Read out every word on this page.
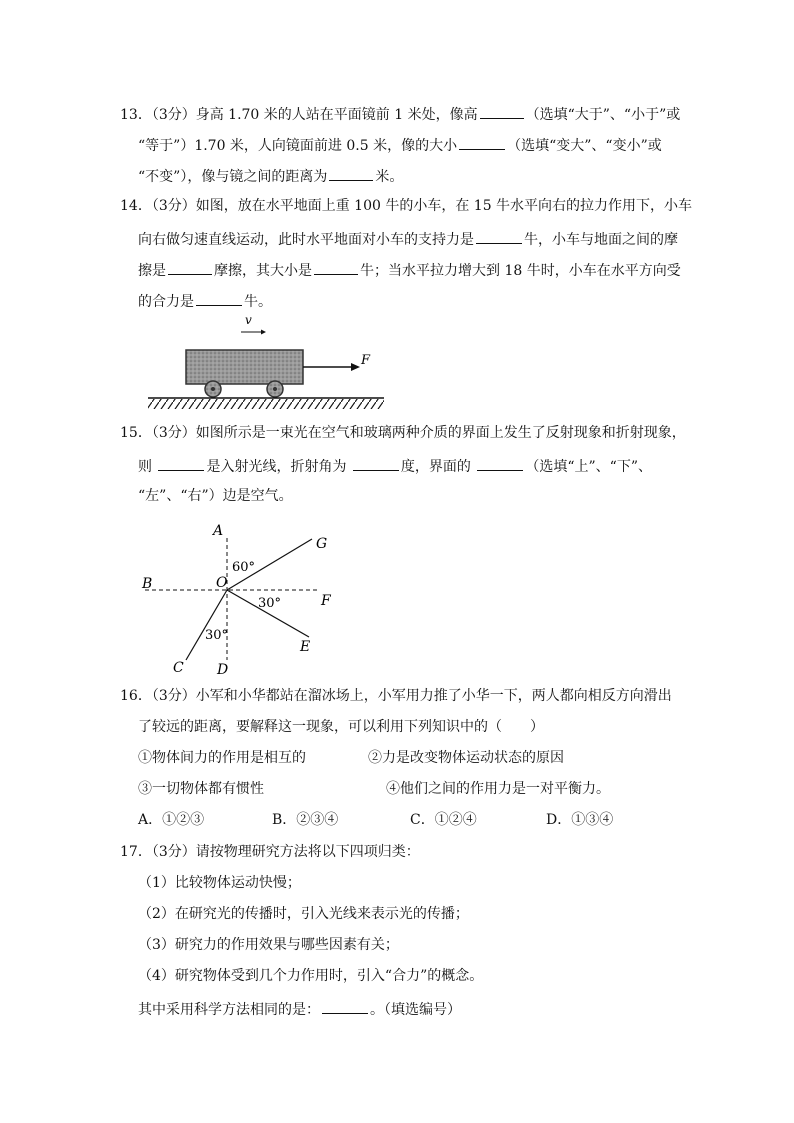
13．（3分）身高 1.70 米的人站在平面镜前 1 米处，像高	（选填“大于”、“小于”或
“等于”）1.70 米，人向镜面前进 0.5 米，像的大小	（选填“变大”、“变小”或
“不变”），像与镜之间的距离为	米。
14．（3分）如图，放在水平地面上重 100 牛的小车，在 15 牛水平向右的拉力作用下，小车
向右做匀速直线运动，此时水平地面对小车的支持力是	牛，小车与地面之间的摩
擦是	摩擦，其大小是	牛；当水平拉力增大到 18 牛时，小车在水平方向受
的合力是	牛。
v
F
15．（3分）如图所示是一束光在空气和玻璃两种介质的界面上发生了反射现象和折射现象，
则	是入射光线，折射角为	度，界面的	（选填“上”、“下”、
“左”、“右”）边是空气。
A
B	O
G
F
E
C D
60°
30°
30°
16．（3分）小军和小华都站在溜冰场上，小军用力推了小华一下，两人都向相反方向滑出
了较远的距离，要解释这一现象，可以利用下列知识中的（　　）
①物体间力的作用是相互的	②力是改变物体运动状态的原因
③一切物体都有惯性	④他们之间的作用力是一对平衡力。
A．①②③	B．②③④	C．①②④	D．①③④
17．（3分）请按物理研究方法将以下四项归类：
（1）比较物体运动快慢；
（2）在研究光的传播时，引入光线来表示光的传播；
（3）研究力的作用效果与哪些因素有关；
（4）研究物体受到几个力作用时，引入“合力”的概念。
其中采用科学方法相同的是：	。（填选编号）
